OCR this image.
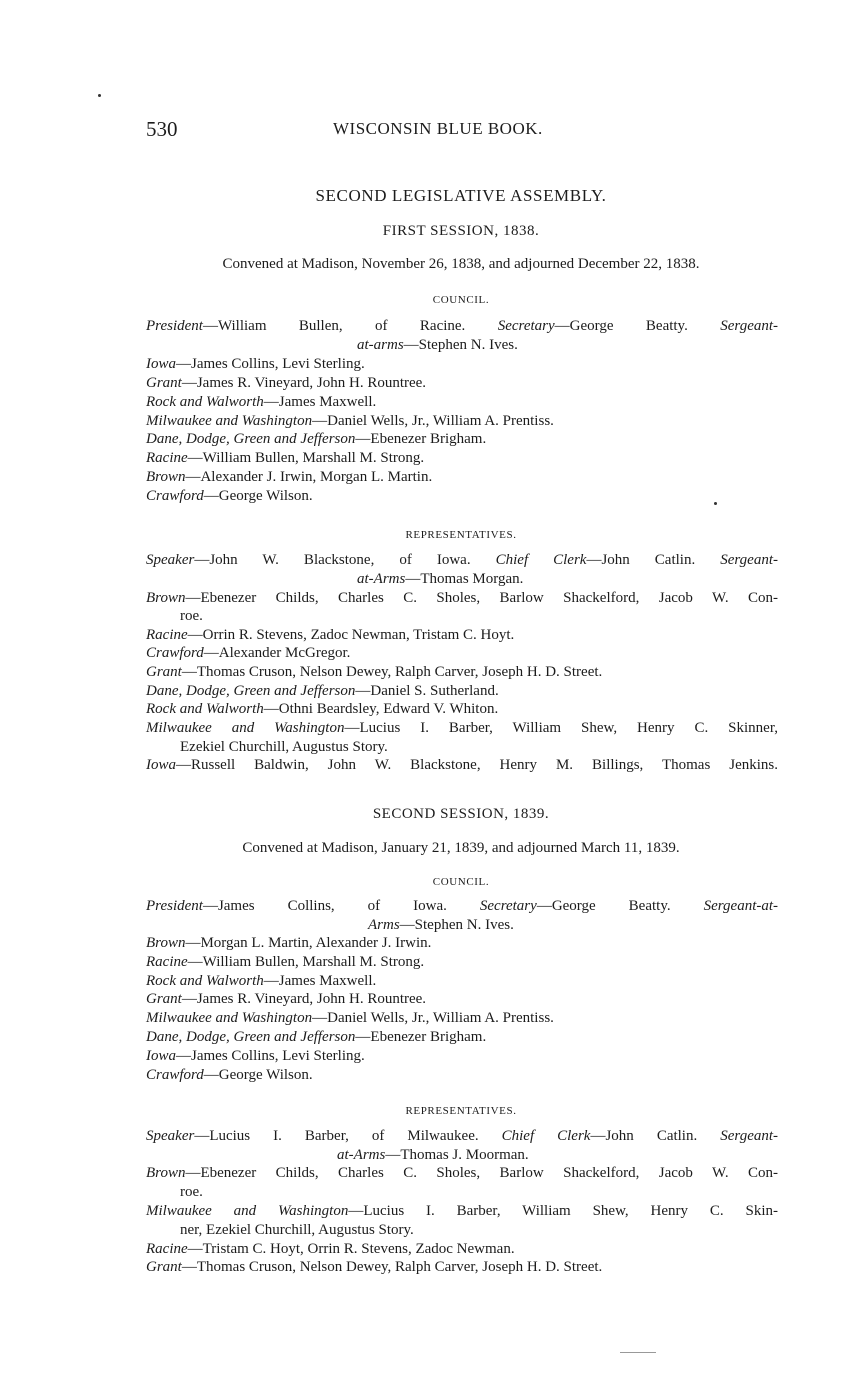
530	WISCONSIN BLUE BOOK.
SECOND LEGISLATIVE ASSEMBLY.
FIRST SESSION, 1838.
Convened at Madison, November 26, 1838, and adjourned December 22, 1838.
COUNCIL.
President—William Bullen, of Racine. Secretary—George Beatty. Sergeant-
at-arms—Stephen N. Ives.
Iowa—James Collins, Levi Sterling.
Grant—James R. Vineyard, John H. Rountree.
Rock and Walworth—James Maxwell.
Milwaukee and Washington—Daniel Wells, Jr., William A. Prentiss.
Dane, Dodge, Green and Jefferson—Ebenezer Brigham.
Racine—William Bullen, Marshall M. Strong.
Brown—Alexander J. Irwin, Morgan L. Martin.
Crawford—George Wilson.
REPRESENTATIVES.
Speaker—John W. Blackstone, of Iowa. Chief Clerk—John Catlin. Sergeant-
at-Arms—Thomas Morgan.
Brown—Ebenezer Childs, Charles C. Sholes, Barlow Shackelford, Jacob W. Con-
roe.
Racine—Orrin R. Stevens, Zadoc Newman, Tristam C. Hoyt.
Crawford—Alexander McGregor.
Grant—Thomas Cruson, Nelson Dewey, Ralph Carver, Joseph H. D. Street.
Dane, Dodge, Green and Jefferson—Daniel S. Sutherland.
Rock and Walworth—Othni Beardsley, Edward V. Whiton.
Milwaukee and Washington—Lucius I. Barber, William Shew, Henry C. Skinner,
Ezekiel Churchill, Augustus Story.
Iowa—Russell Baldwin, John W. Blackstone, Henry M. Billings, Thomas Jenkins.
SECOND SESSION, 1839.
Convened at Madison, January 21, 1839, and adjourned March 11, 1839.
COUNCIL.
President—James Collins, of Iowa. Secretary—George Beatty. Sergeant-at-
Arms—Stephen N. Ives.
Brown—Morgan L. Martin, Alexander J. Irwin.
Racine—William Bullen, Marshall M. Strong.
Rock and Walworth—James Maxwell.
Grant—James R. Vineyard, John H. Rountree.
Milwaukee and Washington—Daniel Wells, Jr., William A. Prentiss.
Dane, Dodge, Green and Jefferson—Ebenezer Brigham.
Iowa—James Collins, Levi Sterling.
Crawford—George Wilson.
REPRESENTATIVES.
Speaker—Lucius I. Barber, of Milwaukee. Chief Clerk—John Catlin. Sergeant-
at-Arms—Thomas J. Moorman.
Brown—Ebenezer Childs, Charles C. Sholes, Barlow Shackelford, Jacob W. Con-
roe.
Milwaukee and Washington—Lucius I. Barber, William Shew, Henry C. Skin-
ner, Ezekiel Churchill, Augustus Story.
Racine—Tristam C. Hoyt, Orrin R. Stevens, Zadoc Newman.
Grant—Thomas Cruson, Nelson Dewey, Ralph Carver, Joseph H. D. Street.
